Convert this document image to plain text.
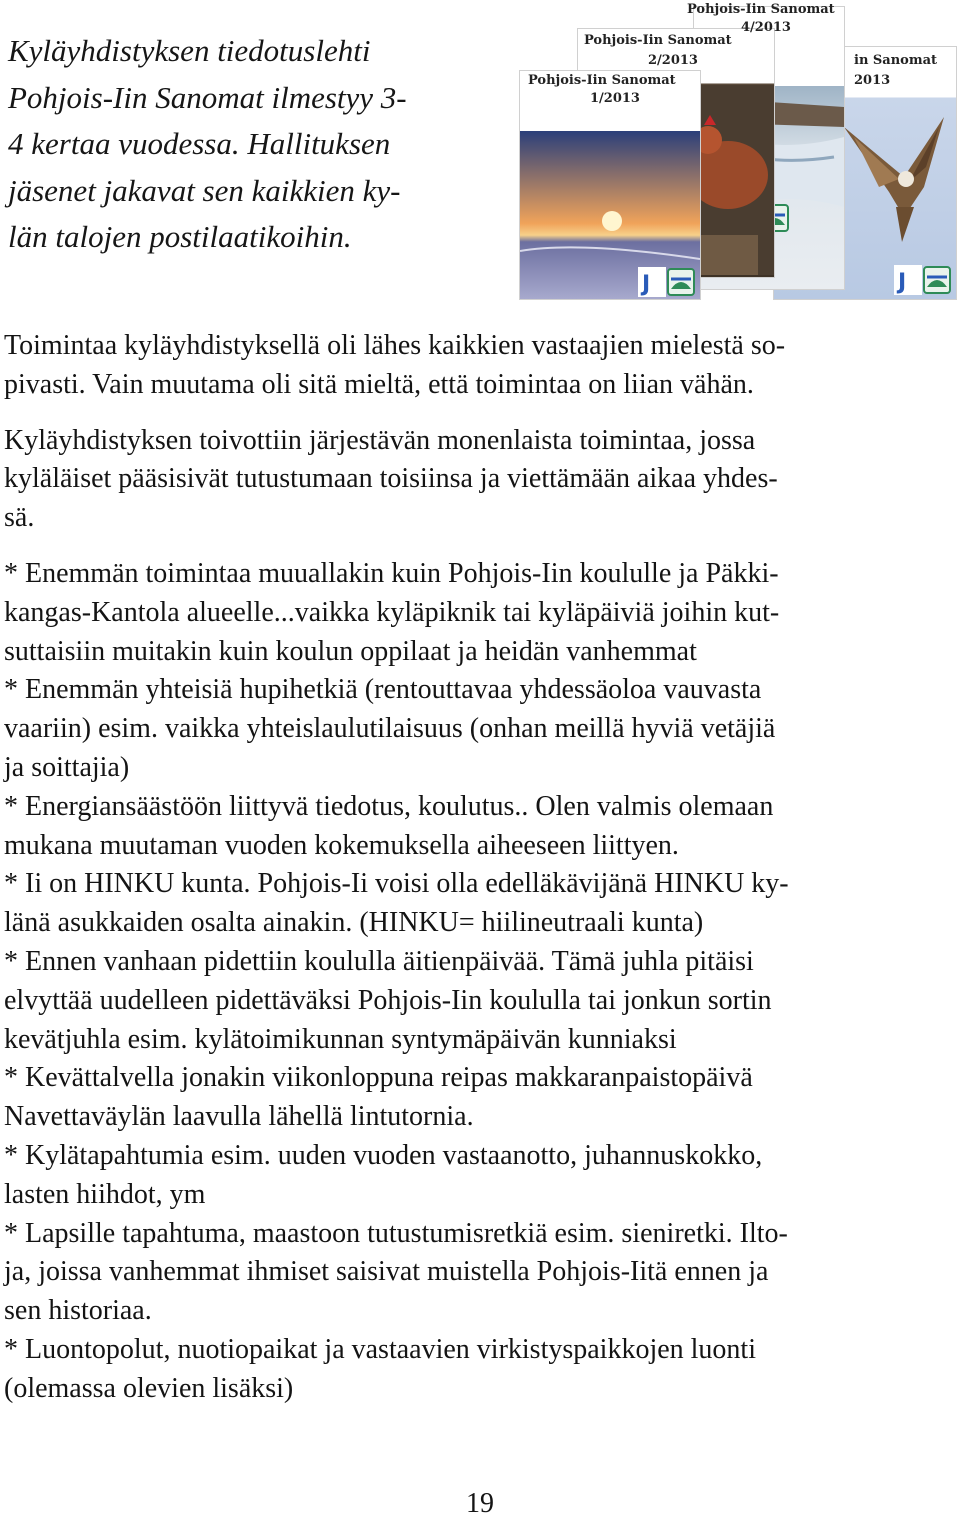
Kyläyhdistyksen tiedotuslehti
Pohjois-Iin Sanomat ilmestyy 3-
4 kertaa vuodessa. Hallituksen
jäsenet jakavat sen kaikkien ky-
län talojen postilaatikoihin.
in Sanomat
2013
J
Pohjois-Iin Sanomat
2/2013
Pohjois-Iin Sanomat
1/2013
J
Pohjois-Iin Sanomat
4/2013
Toimintaa kyläyhdistyksellä oli lähes kaikkien vastaajien mielestä so-
pivasti. Vain muutama oli sitä mieltä, että toimintaa on liian vähän.
Kyläyhdistyksen toivottiin järjestävän monenlaista toimintaa, jossa
kyläläiset pääsisivät tutustumaan toisiinsa ja viettämään aikaa yhdes-
sä.
* Enemmän toimintaa muuallakin kuin Pohjois-Iin koululle ja Päkki-
kangas-Kantola alueelle...vaikka kyläpiknik tai kyläpäiviä joihin kut-
suttaisiin muitakin kuin koulun oppilaat ja heidän vanhemmat
* Enemmän yhteisiä hupihetkiä (rentouttavaa yhdessäoloa vauvasta
vaariin) esim. vaikka yhteislaulutilaisuus (onhan meillä hyviä vetäjiä
ja soittajia)
* Energiansäästöön liittyvä tiedotus, koulutus.. Olen valmis olemaan
mukana muutaman vuoden kokemuksella aiheeseen liittyen.
* Ii on HINKU kunta. Pohjois-Ii voisi olla edelläkävijänä HINKU ky-
länä asukkaiden osalta ainakin. (HINKU= hiilineutraali kunta)
* Ennen vanhaan pidettiin koululla äitienpäivää. Tämä juhla pitäisi
elvyttää uudelleen pidettäväksi Pohjois-Iin koululla tai jonkun sortin
kevätjuhla esim. kylätoimikunnan syntymäpäivän kunniaksi
* Kevättalvella jonakin viikonloppuna reipas makkaranpaistopäivä
Navettaväylän laavulla lähellä lintutornia.
* Kylätapahtumia esim. uuden vuoden vastaanotto, juhannuskokko,
lasten hiihdot, ym
* Lapsille tapahtuma, maastoon tutustumisretkiä esim. sieniretki. Ilto-
ja, joissa vanhemmat ihmiset saisivat muistella Pohjois-Iitä ennen ja
sen historiaa.
* Luontopolut, nuotiopaikat ja vastaavien virkistyspaikkojen luonti
(olemassa olevien lisäksi)
19
